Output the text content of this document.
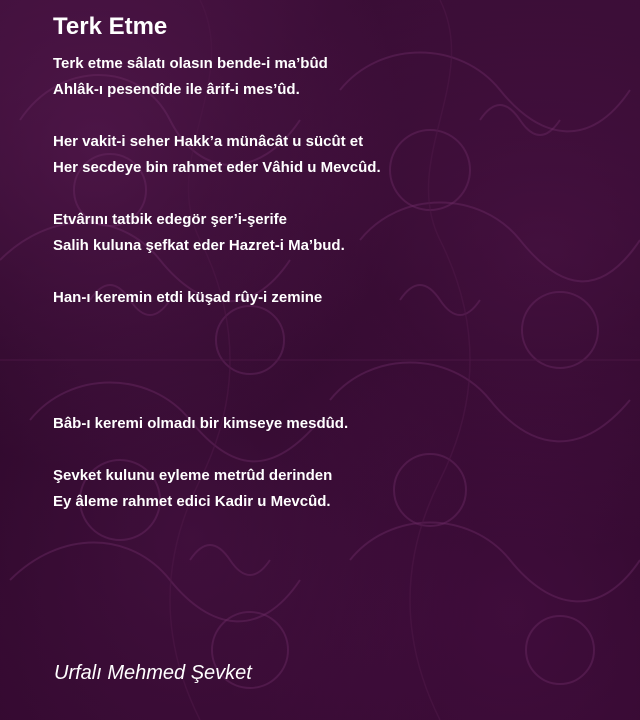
Terk Etme
Terk etme sâlatı olasın bende-i ma’bûd
Ahlâk-ı pesendîde ile ârif-i mes’ûd.
Her vakit-i seher Hakk’a münâcât u sücût et
Her secdeye bin rahmet eder Vâhid u Mevcûd.
Etvârını tatbik edegör şer’i-şerife
Salih kuluna şefkat eder Hazret-i Ma’bud.
Han-ı keremin etdi küşad rûy-i zemine
Bâb-ı keremi olmadı bir kimseye mesdûd.
Şevket kulunu eyleme metrûd derinden
Ey âleme rahmet edici Kadir u Mevcûd.
Urfalı Mehmed Şevket
